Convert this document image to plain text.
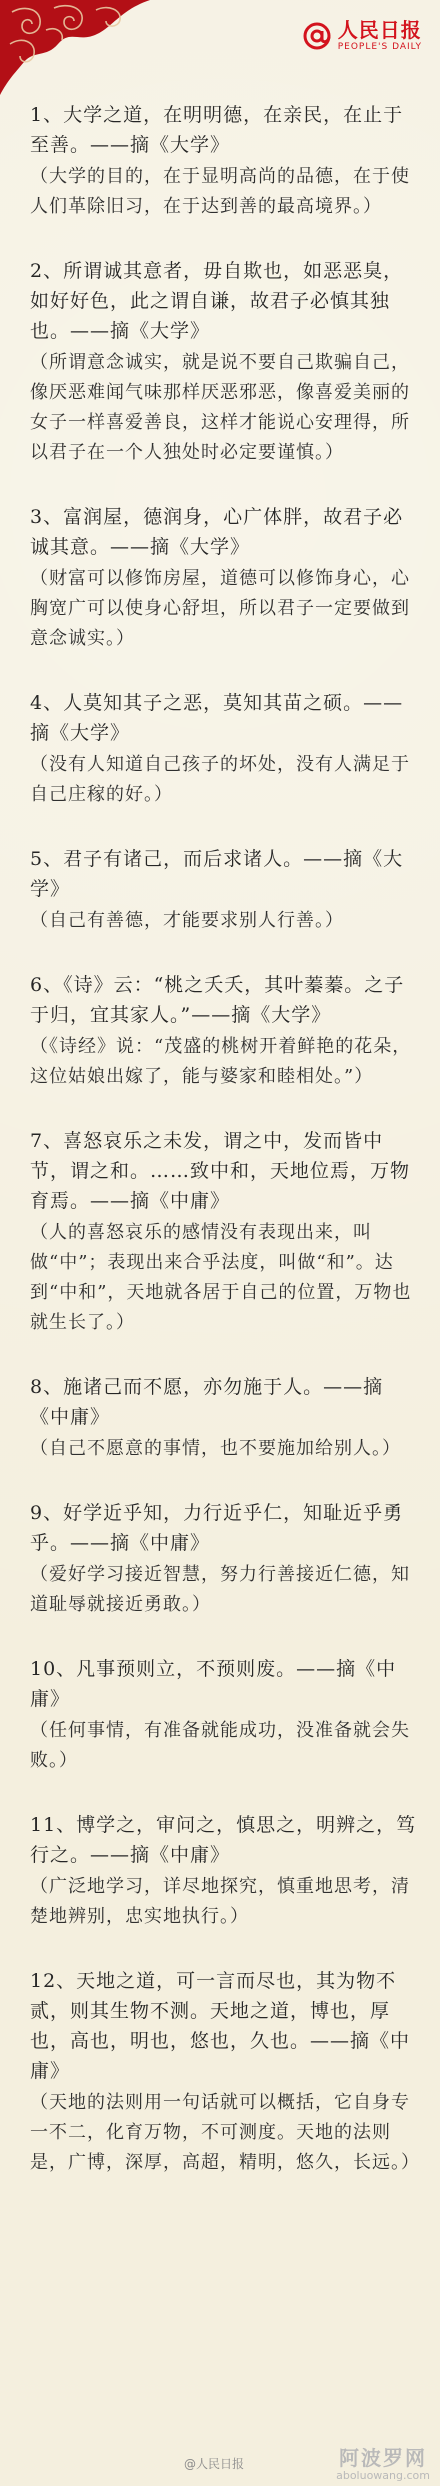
人民日报
PEOPLE'S DAILY

1、大学之道，在明明德，在亲民，在止于至善。——摘《大学》

（大学的目的，在于显明高尚的品德，在于使人们革除旧习，在于达到善的最高境界。）

2、所谓诚其意者，毋自欺也，如恶恶臭，如好好色，此之谓自谦，故君子必慎其独也。——摘《大学》

（所谓意念诚实，就是说不要自己欺骗自己，像厌恶难闻气味那样厌恶邪恶，像喜爱美丽的女子一样喜爱善良，这样才能说心安理得，所以君子在一个人独处时必定要谨慎。）

3、富润屋，德润身，心广体胖，故君子必诚其意。——摘《大学》

（财富可以修饰房屋，道德可以修饰身心，心胸宽广可以使身心舒坦，所以君子一定要做到意念诚实。）

4、人莫知其子之恶，莫知其苗之硕。——摘《大学》

（没有人知道自己孩子的坏处，没有人满足于自己庄稼的好。）

5、君子有诸己，而后求诸人。——摘《大学》

（自己有善德，才能要求别人行善。）

6、《诗》云：“桃之夭夭，其叶蓁蓁。之子于归，宜其家人。”——摘《大学》

（《诗经》说：“茂盛的桃树开着鲜艳的花朵，这位姑娘出嫁了，能与婆家和睦相处。”）

7、喜怒哀乐之未发，谓之中，发而皆中节，谓之和。……致中和，天地位焉，万物育焉。——摘《中庸》

（人的喜怒哀乐的感情没有表现出来，叫做“中”；表现出来合乎法度，叫做“和”。达到“中和”，天地就各居于自己的位置，万物也就生长了。）

8、施诸己而不愿，亦勿施于人。——摘《中庸》

（自己不愿意的事情，也不要施加给别人。）

9、好学近乎知，力行近乎仁，知耻近乎勇乎。——摘《中庸》

（爱好学习接近智慧，努力行善接近仁德，知道耻辱就接近勇敢。）

10、凡事预则立，不预则废。——摘《中庸》

（任何事情，有准备就能成功，没准备就会失败。）

11、博学之，审问之，慎思之，明辨之，笃行之。——摘《中庸》

（广泛地学习，详尽地探究，慎重地思考，清楚地辨别，忠实地执行。）

12、天地之道，可一言而尽也，其为物不贰，则其生物不测。天地之道，博也，厚也，高也，明也，悠也，久也。——摘《中庸》

（天地的法则用一句话就可以概括，它自身专一不二，化育万物，不可测度。天地的法则是，广博，深厚，高超，精明，悠久，长远。）

@人民日报	阿波罗网
aboluowang.com
